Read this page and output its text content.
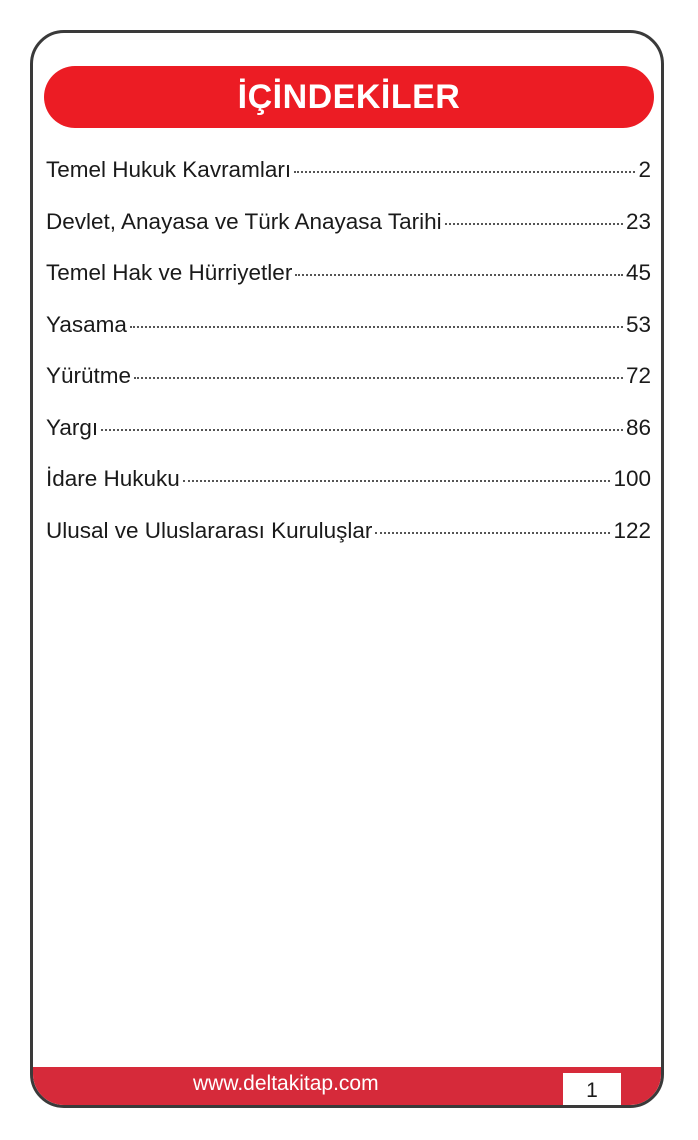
İÇİNDEKİLER
Temel Hukuk Kavramları	2
Devlet, Anayasa ve Türk Anayasa Tarihi	23
Temel Hak ve Hürriyetler	45
Yasama	53
Yürütme	72
Yargı	86
İdare Hukuku	100
Ulusal ve Uluslararası Kuruluşlar	122
www.deltakitap.com	1
